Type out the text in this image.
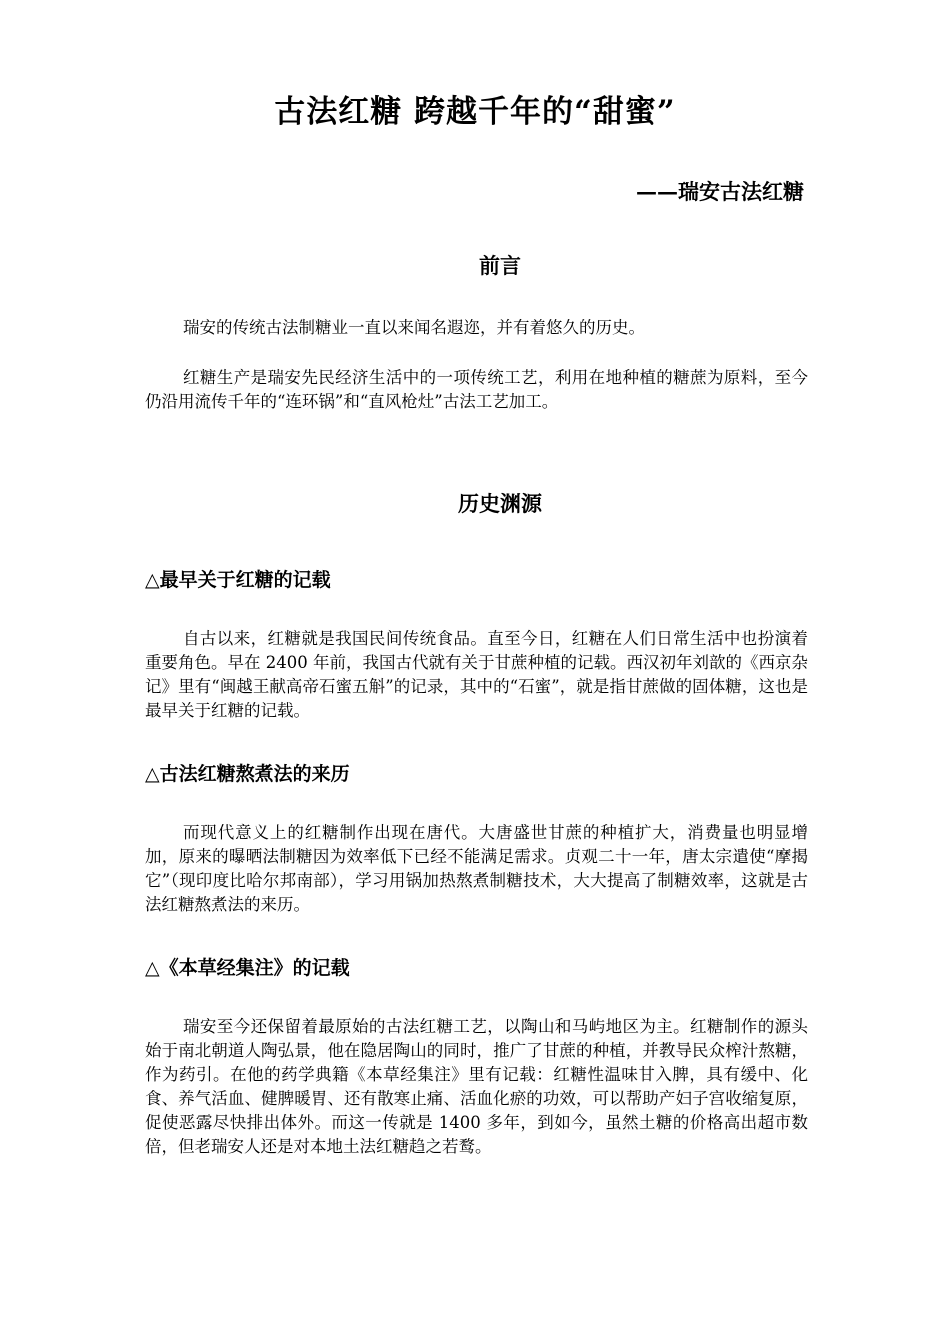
古法红糖 跨越千年的“甜蜜”
——瑞安古法红糖
前言

瑞安的传统古法制糖业一直以来闻名遐迩，并有着悠久的历史。

红糖生产是瑞安先民经济生活中的一项传统工艺，利用在地种植的糖蔗为原料，至今仍沿用流传千年的“连环锅”和“直风枪灶”古法工艺加工。

历史渊源
△最早关于红糖的记载

自古以来，红糖就是我国民间传统食品。直至今日，红糖在人们日常生活中也扮演着重要角色。早在 2400 年前，我国古代就有关于甘蔗种植的记载。西汉初年刘歆的《西京杂记》里有“闽越王献高帝石蜜五斛”的记录，其中的“石蜜”，就是指甘蔗做的固体糖，这也是最早关于红糖的记载。

△古法红糖熬煮法的来历

而现代意义上的红糖制作出现在唐代。大唐盛世甘蔗的种植扩大，消费量也明显增加，原来的曝晒法制糖因为效率低下已经不能满足需求。贞观二十一年，唐太宗遣使“摩揭它”（现印度比哈尔邦南部），学习用锅加热熬煮制糖技术，大大提高了制糖效率，这就是古法红糖熬煮法的来历。

△《本草经集注》的记载

瑞安至今还保留着最原始的古法红糖工艺，以陶山和马屿地区为主。红糖制作的源头始于南北朝道人陶弘景，他在隐居陶山的同时，推广了甘蔗的种植，并教导民众榨汁熬糖，作为药引。在他的药学典籍《本草经集注》里有记载：红糖性温味甘入脾，具有缓中、化食、养气活血、健脾暖胃、还有散寒止痛、活血化瘀的功效，可以帮助产妇子宫收缩复原，促使恶露尽快排出体外。而这一传就是 1400 多年，到如今，虽然土糖的价格高出超市数倍，但老瑞安人还是对本地土法红糖趋之若鹜。
